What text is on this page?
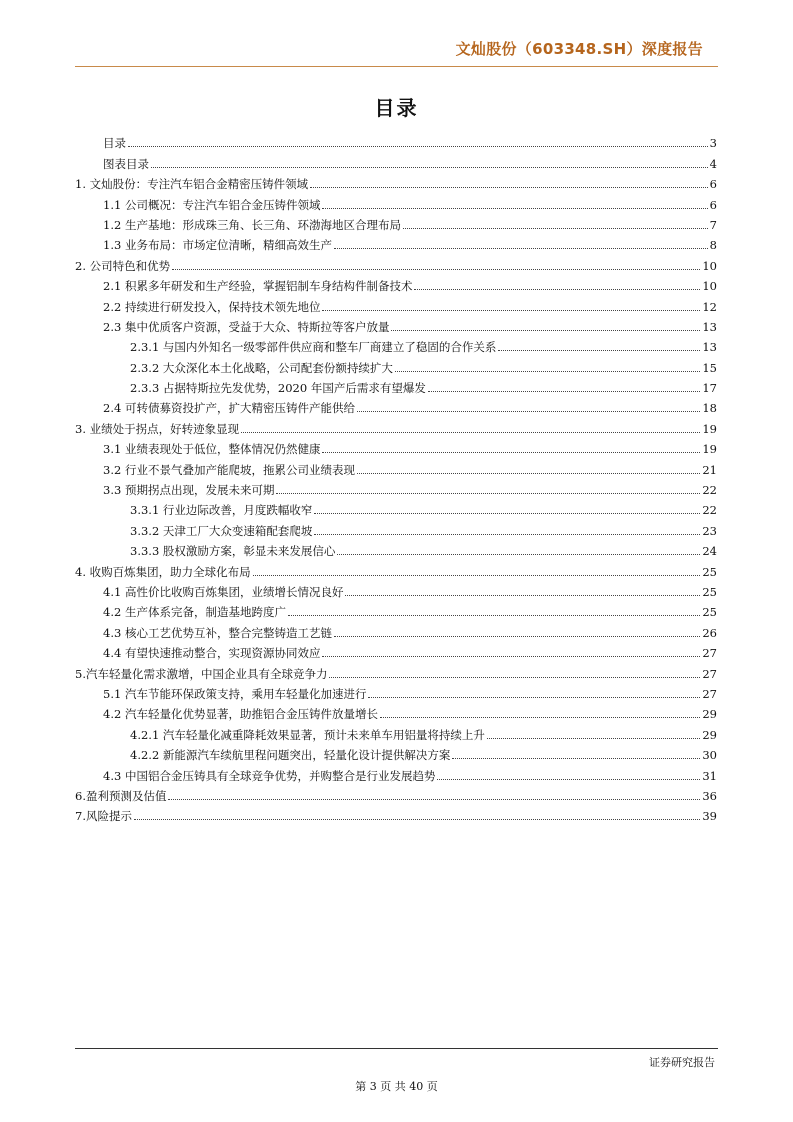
文灿股份（603348.SH）深度报告
目录
目录	3
图表目录	4
1. 文灿股份：专注汽车铝合金精密压铸件领域	6
1.1 公司概况：专注汽车铝合金压铸件领域	6
1.2 生产基地：形成珠三角、长三角、环渤海地区合理布局	7
1.3 业务布局：市场定位清晰，精细高效生产	8
2. 公司特色和优势	10
2.1 积累多年研发和生产经验，掌握铝制车身结构件制备技术	10
2.2 持续进行研发投入，保持技术领先地位	12
2.3 集中优质客户资源，受益于大众、特斯拉等客户放量	13
2.3.1 与国内外知名一级零部件供应商和整车厂商建立了稳固的合作关系	13
2.3.2 大众深化本土化战略，公司配套份额持续扩大	15
2.3.3 占据特斯拉先发优势，2020 年国产后需求有望爆发	17
2.4 可转债募资投扩产，扩大精密压铸件产能供给	18
3. 业绩处于拐点，好转迹象显现	19
3.1 业绩表现处于低位，整体情况仍然健康	19
3.2 行业不景气叠加产能爬坡，拖累公司业绩表现	21
3.3 预期拐点出现，发展未来可期	22
3.3.1 行业边际改善，月度跌幅收窄	22
3.3.2 天津工厂大众变速箱配套爬坡	23
3.3.3 股权激励方案，彰显未来发展信心	24
4. 收购百炼集团，助力全球化布局	25
4.1 高性价比收购百炼集团，业绩增长情况良好	25
4.2 生产体系完备，制造基地跨度广	25
4.3 核心工艺优势互补，整合完整铸造工艺链	26
4.4 有望快速推动整合，实现资源协同效应	27
5.汽车轻量化需求激增，中国企业具有全球竞争力	27
5.1 汽车节能环保政策支持，乘用车轻量化加速进行	27
4.2 汽车轻量化优势显著，助推铝合金压铸件放量增长	29
4.2.1 汽车轻量化减重降耗效果显著，预计未来单车用铝量将持续上升	29
4.2.2 新能源汽车续航里程问题突出，轻量化设计提供解决方案	30
4.3 中国铝合金压铸具有全球竞争优势，并购整合是行业发展趋势	31
6.盈利预测及估值	36
7.风险提示	39
证券研究报告
第 3 页 共 40 页
